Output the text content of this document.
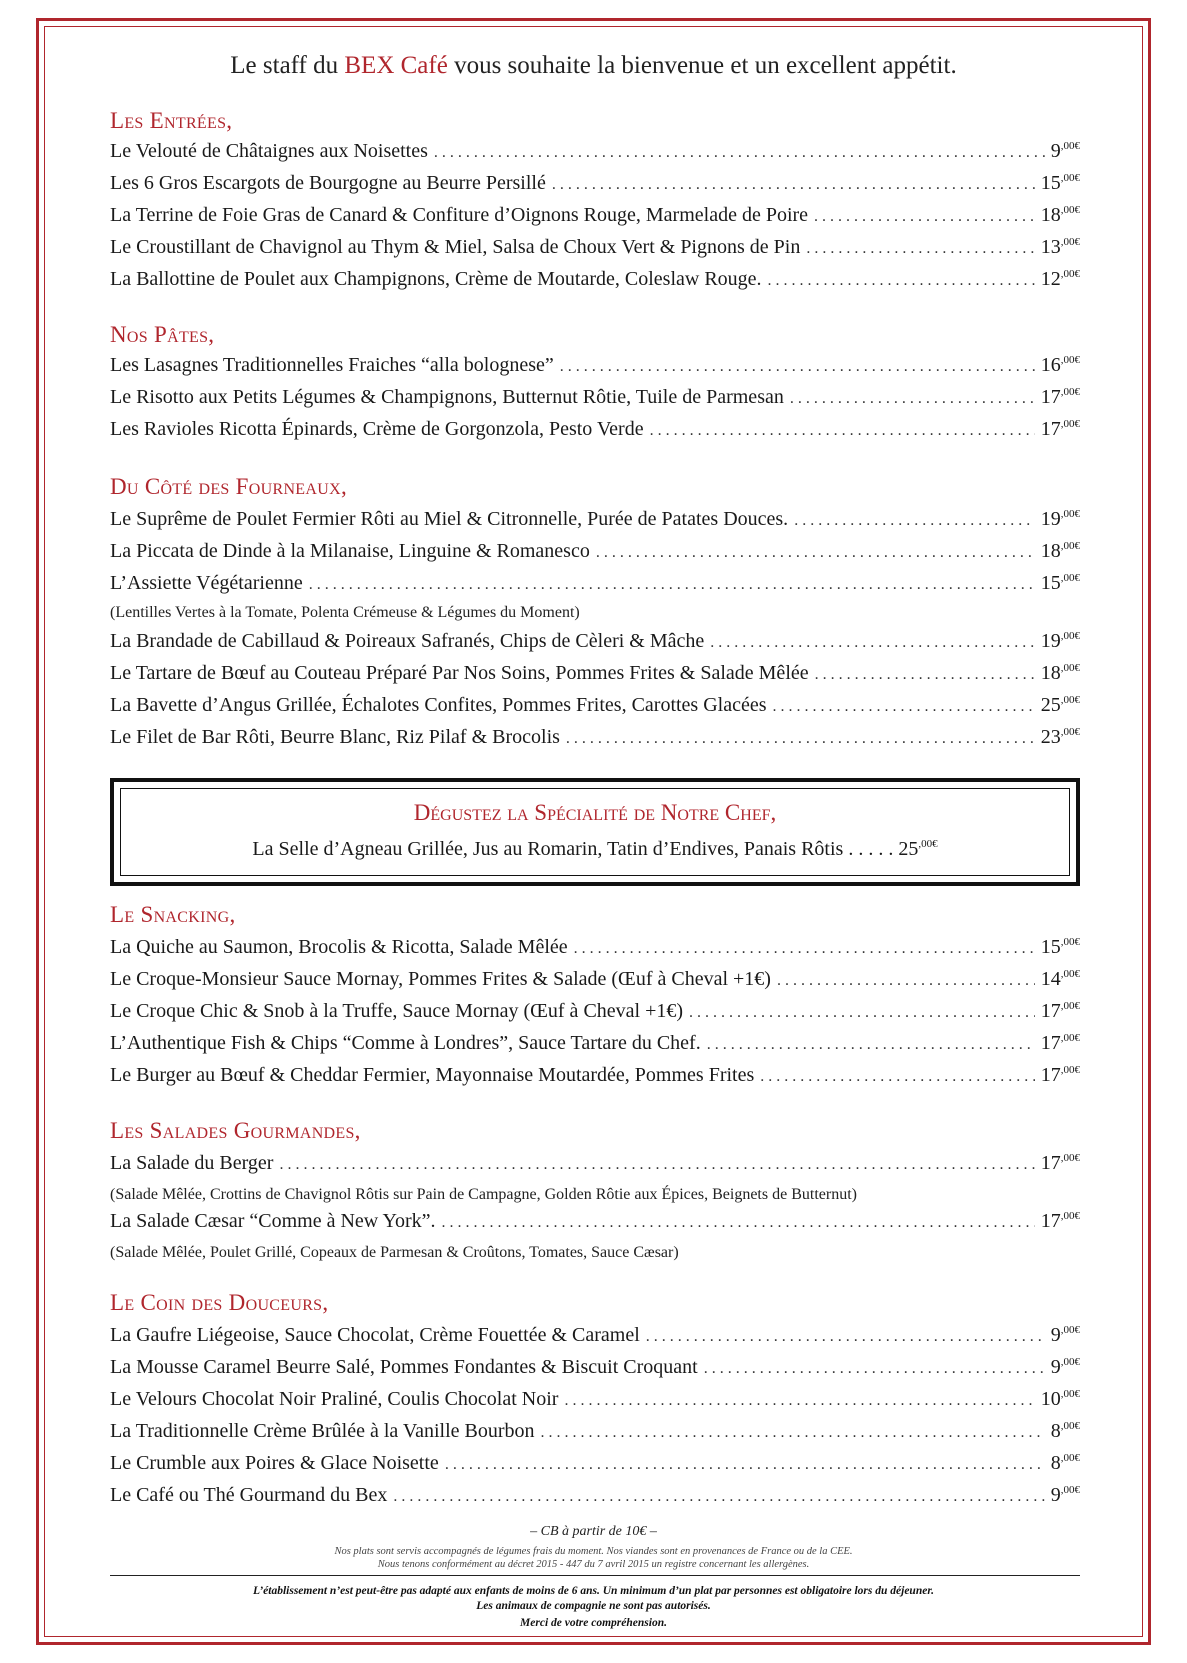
Le staff du BEX Café vous souhaite la bienvenue et un excellent appétit.
Les Entrées,
Le Velouté de Châtaignes aux Noisettes . . .	$9^{,00€}$
Les 6 Gros Escargots de Bourgogne au Beurre Persillé . . .	$15^{,00€}$
La Terrine de Foie Gras de Canard & Confiture d’Oignons Rouge, Marmelade de Poire . . .	$18^{,00€}$
Le Croustillant de Chavignol au Thym & Miel, Salsa de Choux Vert & Pignons de Pin . . .	$13^{,00€}$
La Ballottine de Poulet aux Champignons, Crème de Moutarde, Coleslaw Rouge. . . .	$12^{,00€}$
Nos Pâtes,
Les Lasagnes Traditionnelles Fraiches “alla bolognese” . . .	$16^{,00€}$
Le Risotto aux Petits Légumes & Champignons, Butternut Rôtie, Tuile de Parmesan . . .	$17^{,00€}$
Les Ravioles Ricotta Épinards, Crème de Gorgonzola, Pesto Verde . . .	$17^{,00€}$
Du Côté des Fourneaux,
Le Suprême de Poulet Fermier Rôti au Miel & Citronnelle, Purée de Patates Douces. . . .	$19^{,00€}$
La Piccata de Dinde à la Milanaise, Linguine & Romanesco . . .	$18^{,00€}$
L’Assiette Végétarienne . . .	$15^{,00€}$
(Lentilles Vertes à la Tomate, Polenta Crémeuse & Légumes du Moment)
La Brandade de Cabillaud & Poireaux Safranés, Chips de Cèleri & Mâche . . .	$19^{,00€}$
Le Tartare de Bœuf au Couteau Préparé Par Nos Soins, Pommes Frites & Salade Mêlée . . .	$18^{,00€}$
La Bavette d’Angus Grillée, Échalotes Confites, Pommes Frites, Carottes Glacées . . .	$25^{,00€}$
Le Filet de Bar Rôti, Beurre Blanc, Riz Pilaf & Brocolis . . .	$23^{,00€}$
Dégustez la Spécialité de Notre Chef,
La Selle d’Agneau Grillée, Jus au Romarin, Tatin d’Endives, Panais Rôtis . . . . . $25^{,00€}$
Le Snacking,
La Quiche au Saumon, Brocolis & Ricotta, Salade Mêlée . . .	$15^{,00€}$
Le Croque-Monsieur Sauce Mornay, Pommes Frites & Salade (Œuf à Cheval +1€) . . .	$14^{,00€}$
Le Croque Chic & Snob à la Truffe, Sauce Mornay (Œuf à Cheval +1€) . . .	$17^{,00€}$
L’Authentique Fish & Chips “Comme à Londres”, Sauce Tartare du Chef. . . .	$17^{,00€}$
Le Burger au Bœuf & Cheddar Fermier, Mayonnaise Moutardée, Pommes Frites . . .	$17^{,00€}$
Les Salades Gourmandes,
La Salade du Berger . . .	$17^{,00€}$
(Salade Mêlée, Crottins de Chavignol Rôtis sur Pain de Campagne, Golden Rôtie aux Épices, Beignets de Butternut)
La Salade Cæsar “Comme à New York”. . . .	$17^{,00€}$
(Salade Mêlée, Poulet Grillé, Copeaux de Parmesan & Croûtons, Tomates, Sauce Cæsar)
Le Coin des Douceurs,
La Gaufre Liégeoise, Sauce Chocolat, Crème Fouettée & Caramel . . .	$9^{,00€}$
La Mousse Caramel Beurre Salé, Pommes Fondantes & Biscuit Croquant . . .	$9^{,00€}$
Le Velours Chocolat Noir Praliné, Coulis Chocolat Noir . . .	$10^{,00€}$
La Traditionnelle Crème Brûlée à la Vanille Bourbon . . .	$8^{,00€}$
Le Crumble aux Poires & Glace Noisette . . .	$8^{,00€}$
Le Café ou Thé Gourmand du Bex . . .	$9^{,00€}$
– CB à partir de 10€ –
Nos plats sont servis accompagnés de légumes frais du moment. Nos viandes sont en provenances de France ou de la CEE.
Nous tenons conformément au décret 2015 - 447 du 7 avril 2015 un registre concernant les allergènes.
L’établissement n’est peut-être pas adapté aux enfants de moins de 6 ans. Un minimum d’un plat par personnes est obligatoire lors du déjeuner.
Les animaux de compagnie ne sont pas autorisés.
Merci de votre compréhension.
